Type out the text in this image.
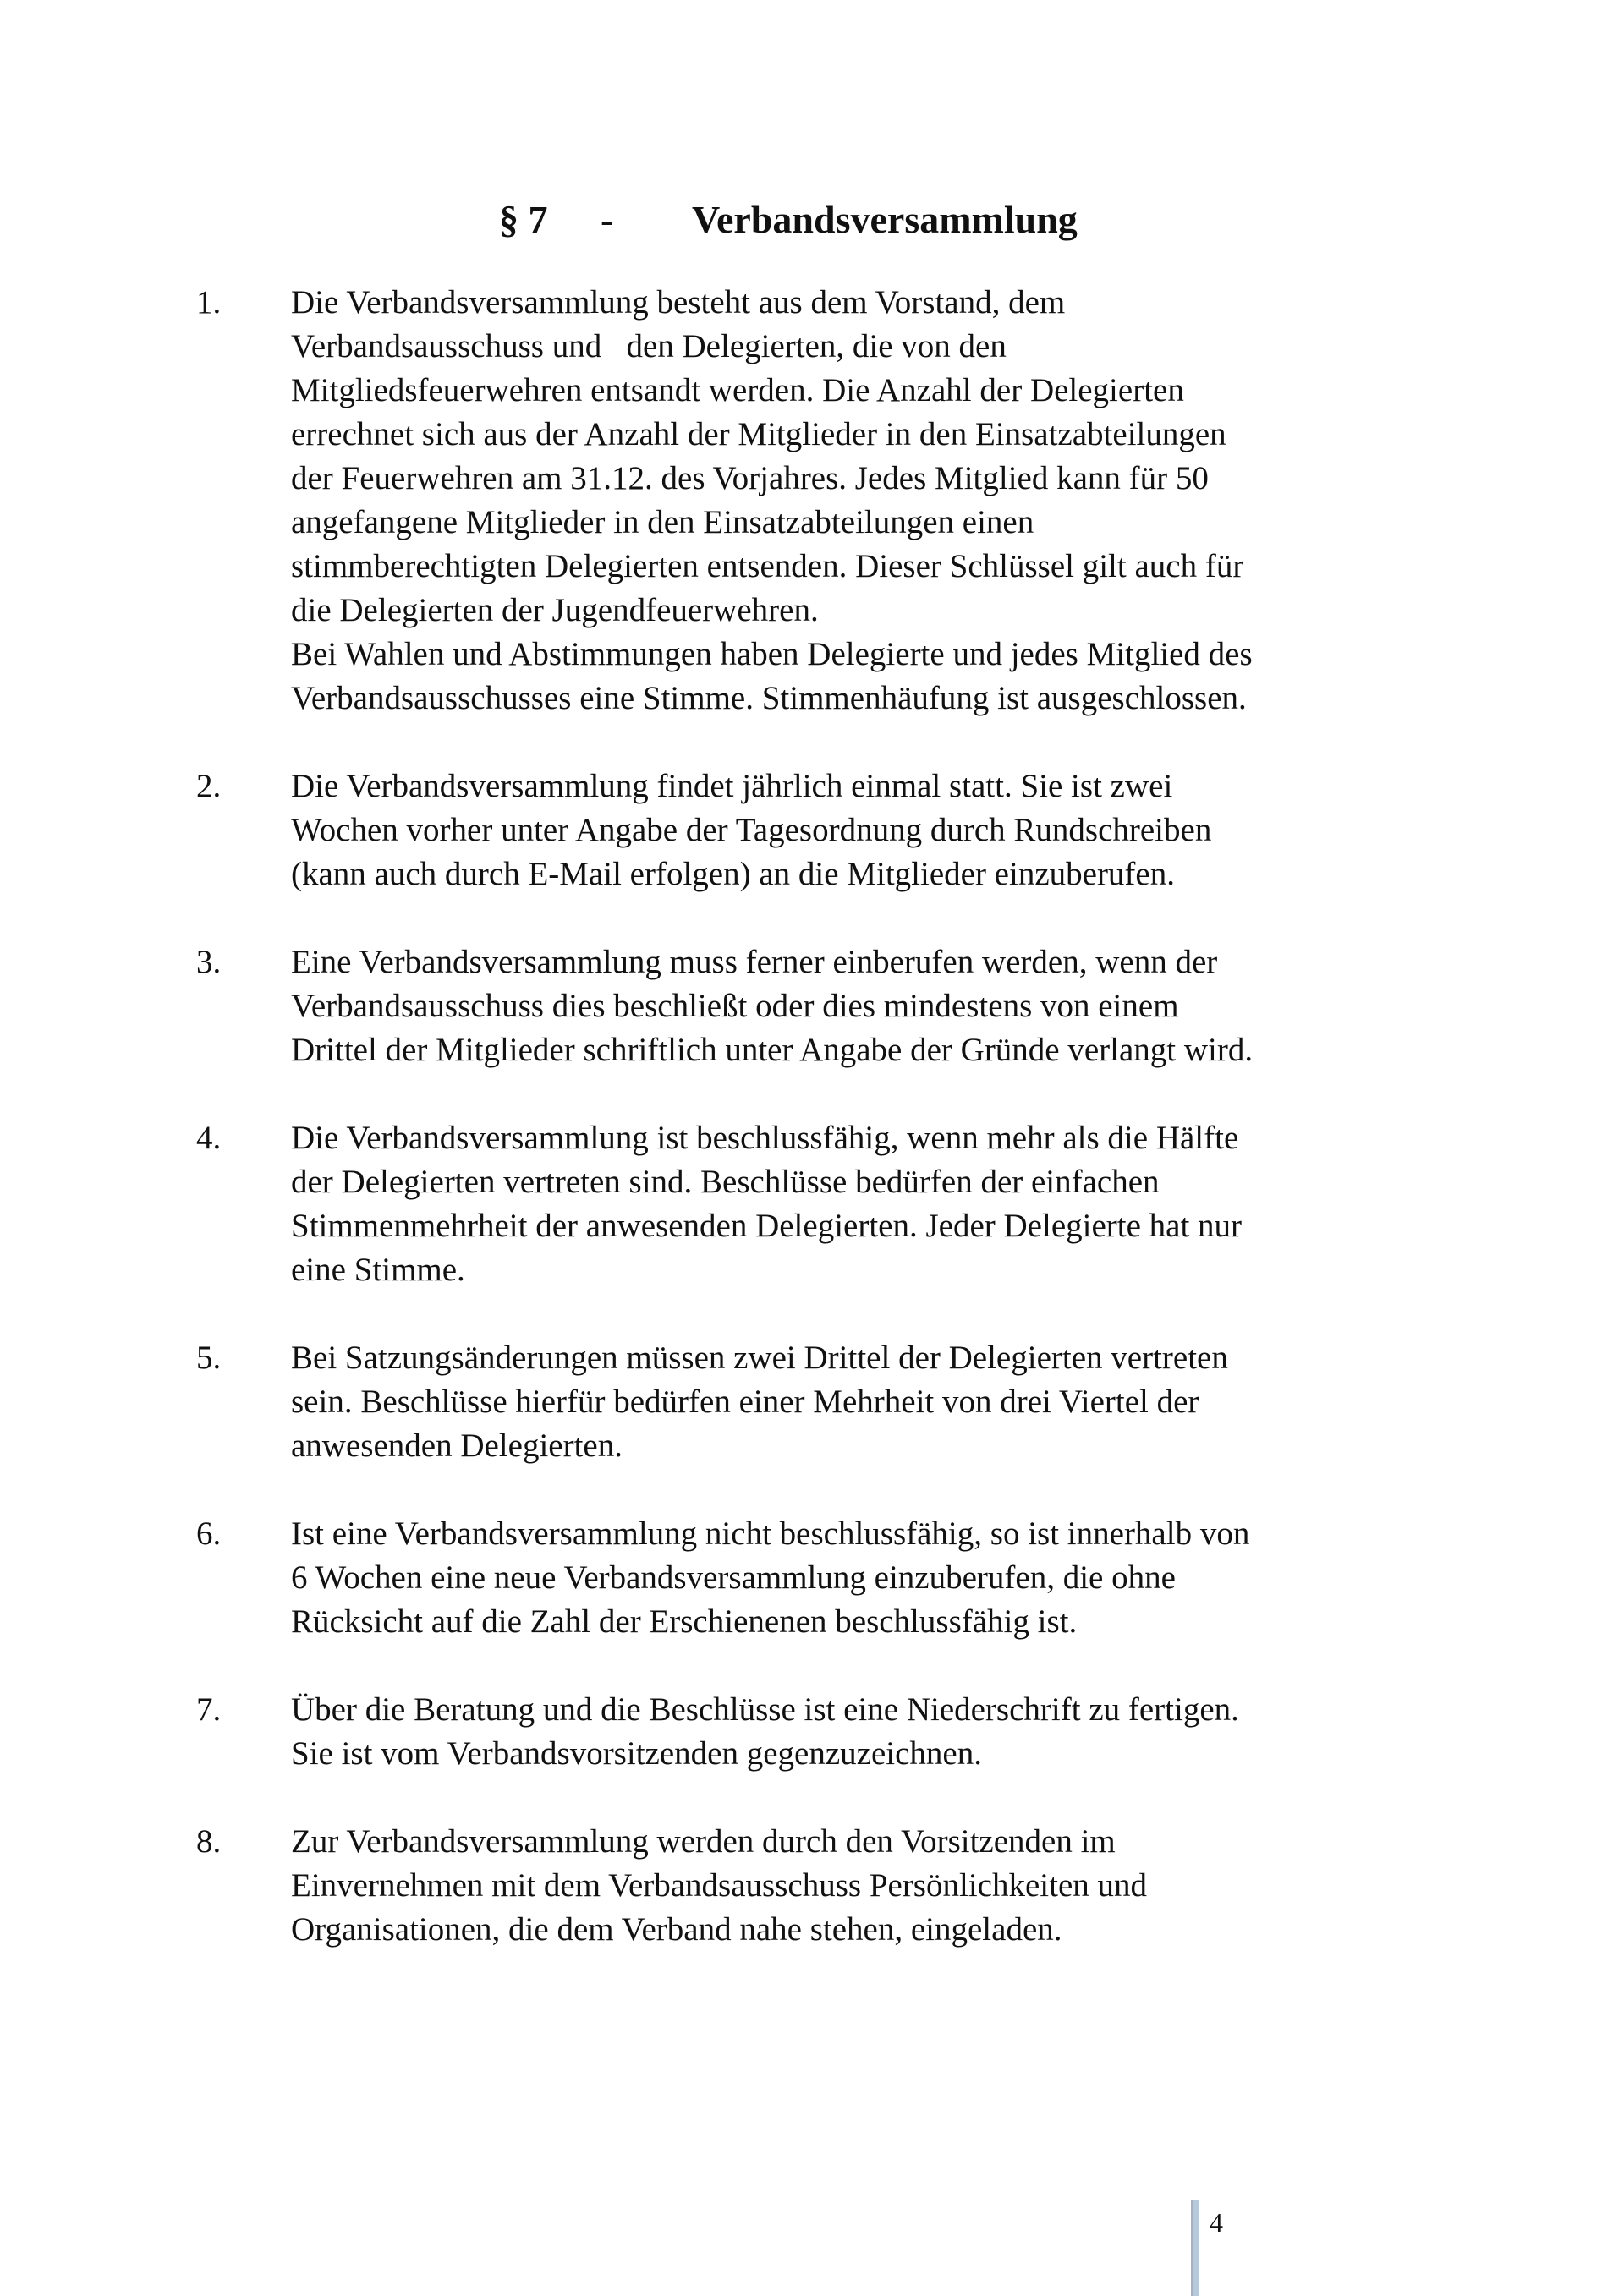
§ 7 - Verbandsversammlung
1.	Die Verbandsversammlung besteht aus dem Vorstand, dem
Verbandsausschuss und   den Delegierten, die von den
Mitgliedsfeuerwehren entsandt werden. Die Anzahl der Delegierten
errechnet sich aus der Anzahl der Mitglieder in den Einsatzabteilungen
der Feuerwehren am 31.12. des Vorjahres. Jedes Mitglied kann für 50
angefangene Mitglieder in den Einsatzabteilungen einen
stimmberechtigten Delegierten entsenden. Dieser Schlüssel gilt auch für
die Delegierten der Jugendfeuerwehren.
Bei Wahlen und Abstimmungen haben Delegierte und jedes Mitglied des
Verbandsausschusses eine Stimme. Stimmenhäufung ist ausgeschlossen.
2.	Die Verbandsversammlung findet jährlich einmal statt. Sie ist zwei
Wochen vorher unter Angabe der Tagesordnung durch Rundschreiben
(kann auch durch E-Mail erfolgen) an die Mitglieder einzuberufen.
3.	Eine Verbandsversammlung muss ferner einberufen werden, wenn der
Verbandsausschuss dies beschließt oder dies mindestens von einem
Drittel der Mitglieder schriftlich unter Angabe der Gründe verlangt wird.
4.	Die Verbandsversammlung ist beschlussfähig, wenn mehr als die Hälfte
der Delegierten vertreten sind. Beschlüsse bedürfen der einfachen
Stimmenmehrheit der anwesenden Delegierten. Jeder Delegierte hat nur
eine Stimme.
5.	Bei Satzungsänderungen müssen zwei Drittel der Delegierten vertreten
sein. Beschlüsse hierfür bedürfen einer Mehrheit von drei Viertel der
anwesenden Delegierten.
6.	Ist eine Verbandsversammlung nicht beschlussfähig, so ist innerhalb von
6 Wochen eine neue Verbandsversammlung einzuberufen, die ohne
Rücksicht auf die Zahl der Erschienenen beschlussfähig ist.
7.	Über die Beratung und die Beschlüsse ist eine Niederschrift zu fertigen.
Sie ist vom Verbandsvorsitzenden gegenzuzeichnen.
8.	Zur Verbandsversammlung werden durch den Vorsitzenden im
Einvernehmen mit dem Verbandsausschuss Persönlichkeiten und
Organisationen, die dem Verband nahe stehen, eingeladen.
4
